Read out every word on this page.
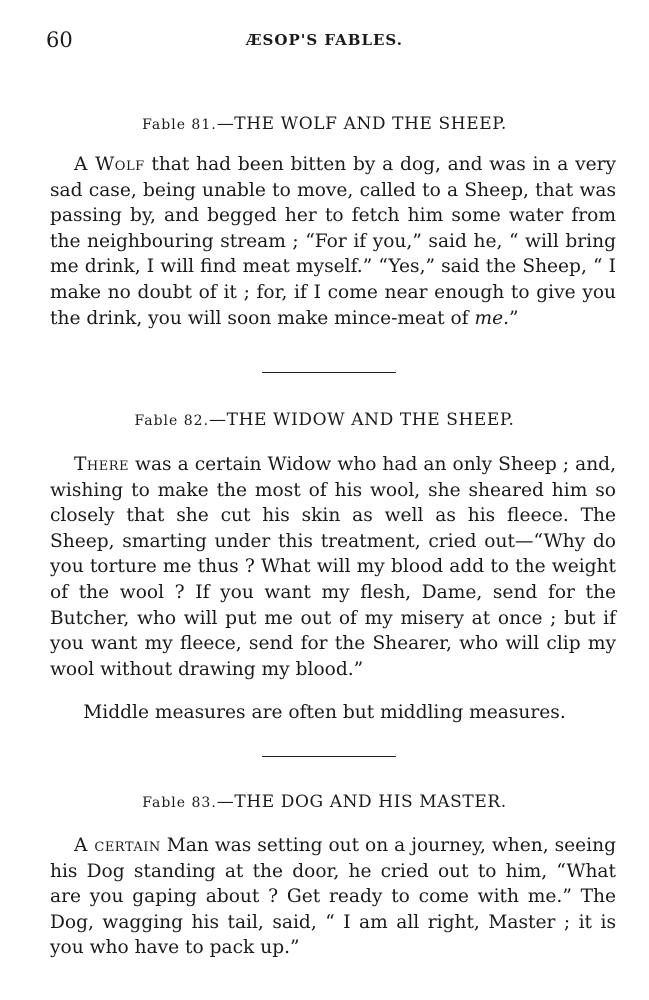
60	ÆSOP'S FABLES.
Fable 81.—THE WOLF AND THE SHEEP.

A Wolf that had been bitten by a dog, and was in a very sad case, being unable to move, called to a Sheep, that was passing by, and begged her to fetch him some water from the neighbouring stream ; “For if you,” said he, “ will bring me drink, I will find meat myself.” “Yes,” said the Sheep, “ I make no doubt of it ; for, if I come near enough to give you the drink, you will soon make mince-meat of me.”

Fable 82.—THE WIDOW AND THE SHEEP.

There was a certain Widow who had an only Sheep ; and, wishing to make the most of his wool, she sheared him so closely that she cut his skin as well as his fleece. The Sheep, smarting under this treatment, cried out—“Why do you torture me thus ? What will my blood add to the weight of the wool ? If you want my flesh, Dame, send for the Butcher, who will put me out of my misery at once ; but if you want my fleece, send for the Shearer, who will clip my wool without drawing my blood.”

Middle measures are often but middling measures.
Fable 83.—THE DOG AND HIS MASTER.

A certain Man was setting out on a journey, when, seeing his Dog standing at the door, he cried out to him, “What are you gaping about ? Get ready to come with me.” The Dog, wagging his tail, said, “ I am all right, Master ; it is you who have to pack up.”
